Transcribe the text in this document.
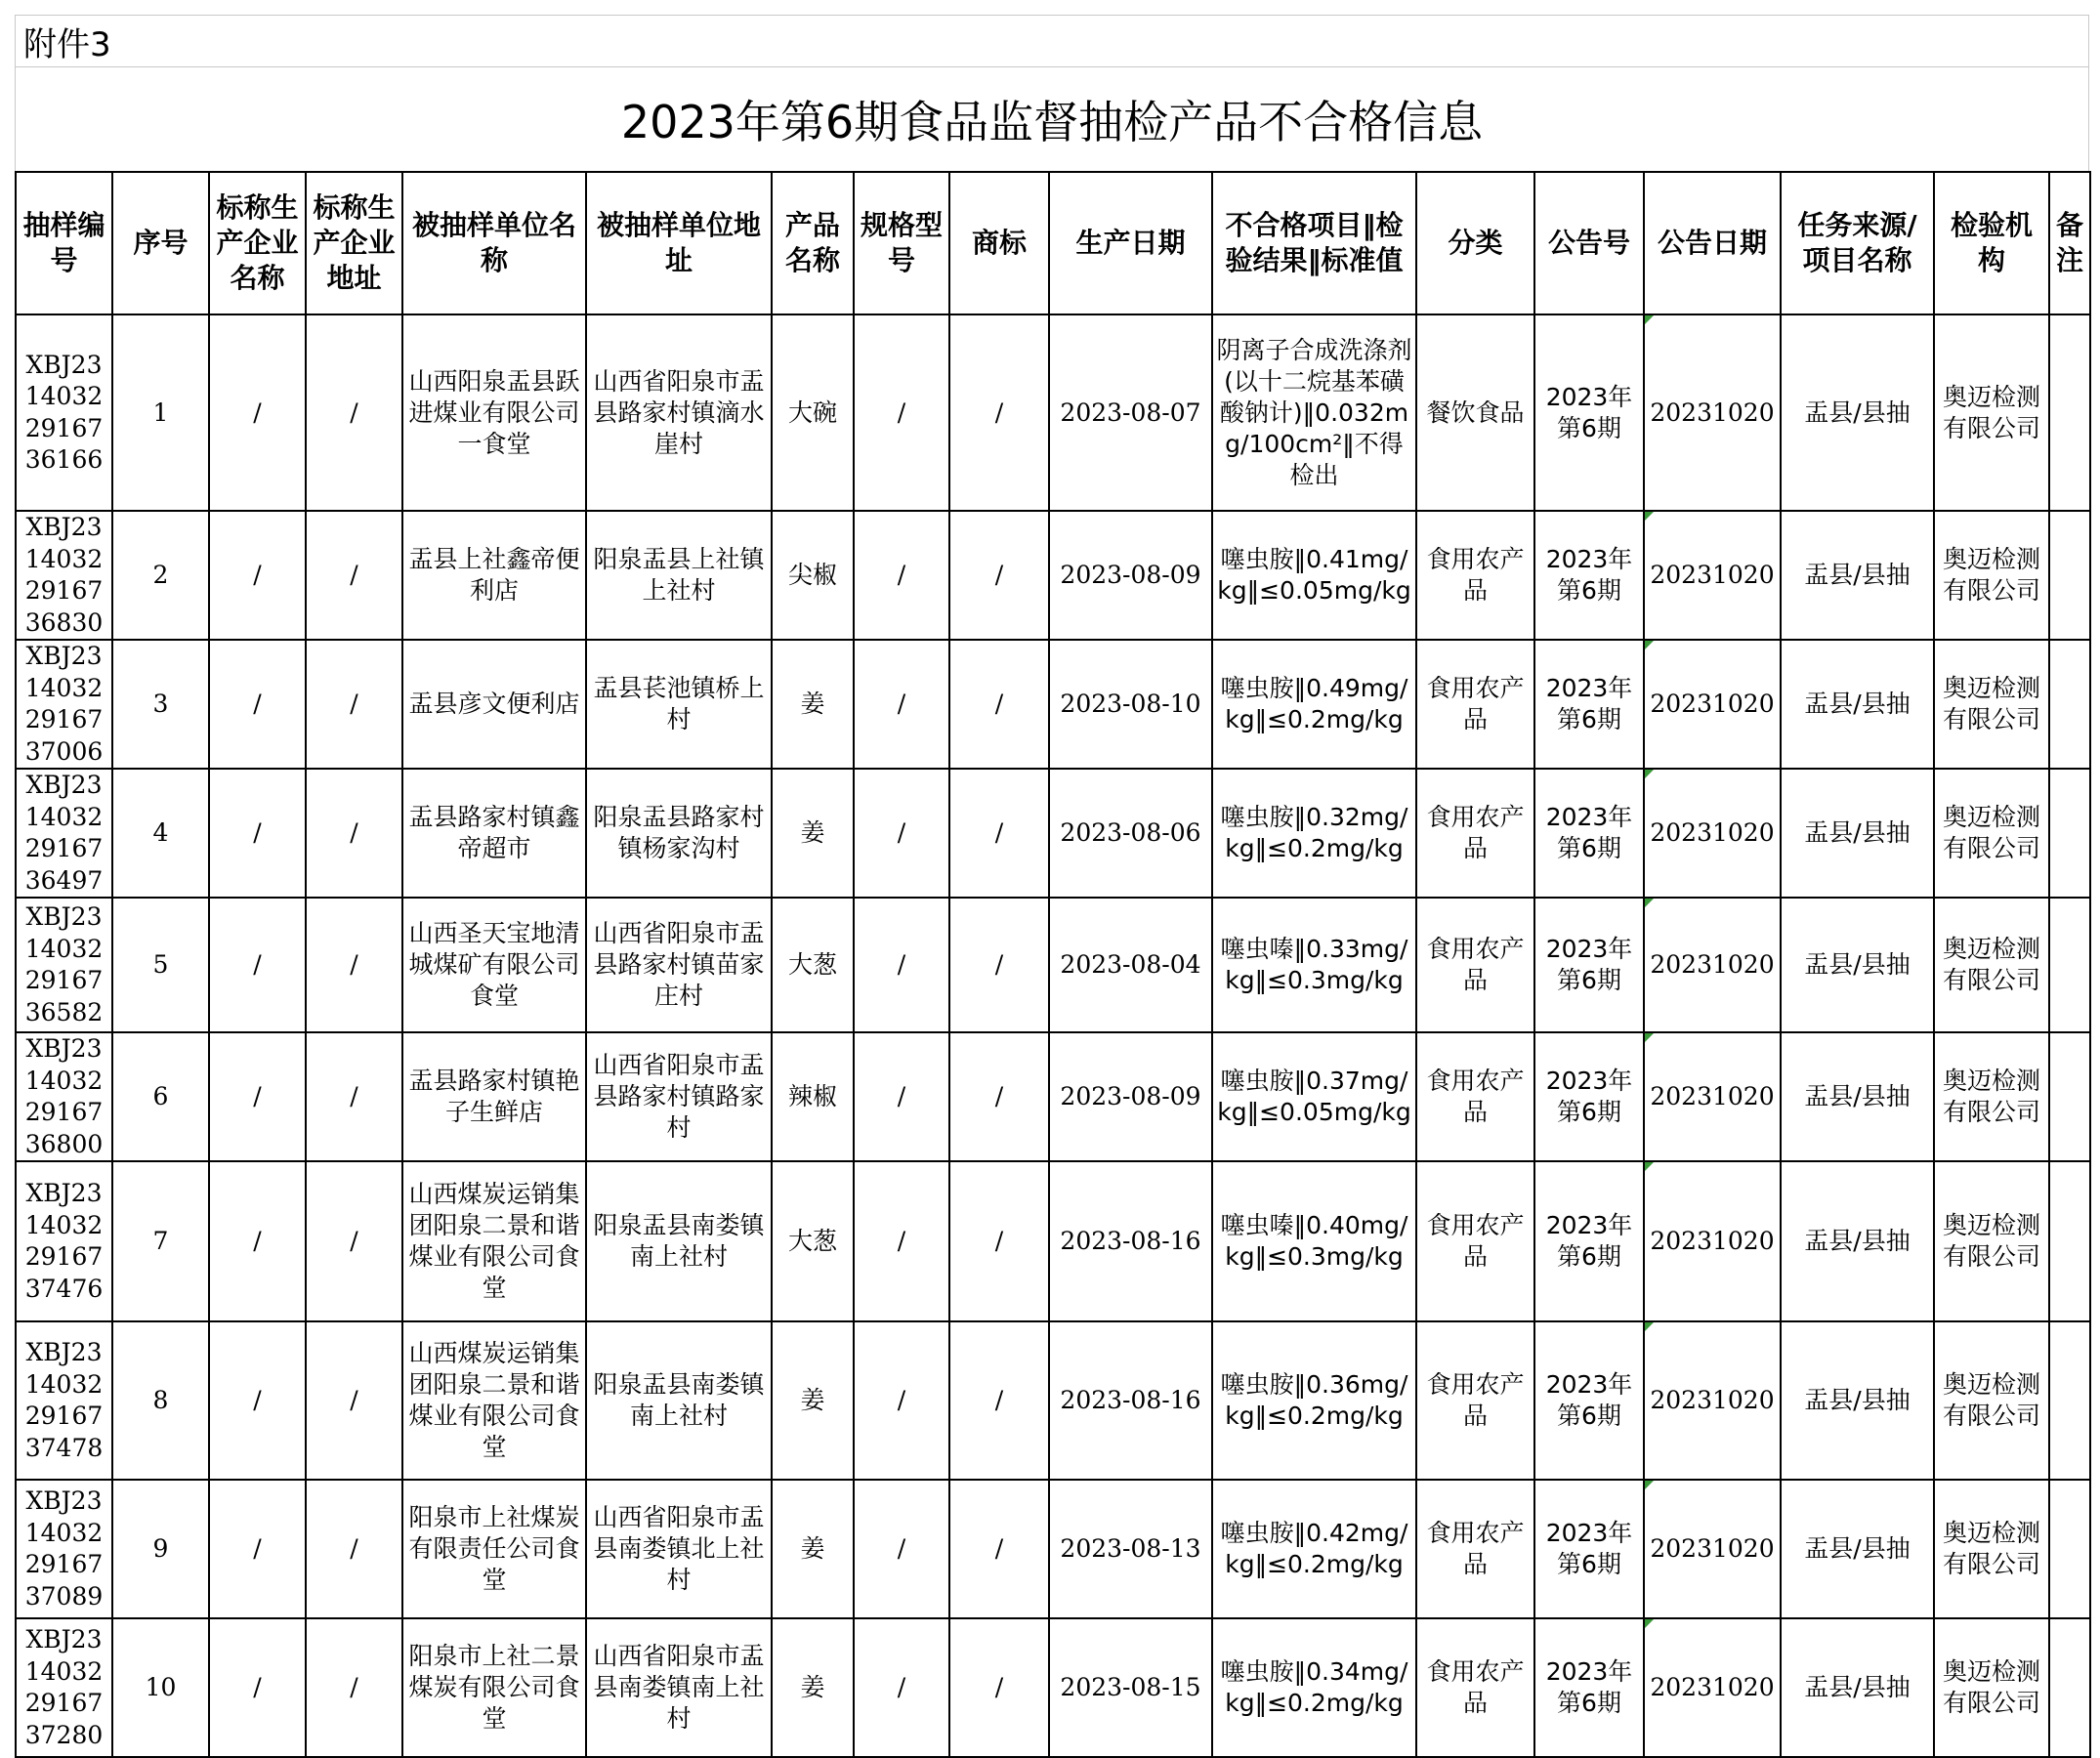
附件3
2023年第6期食品监督抽检产品不合格信息
抽样编号	序号	标称生产企业名称	标称生产企业地址	被抽样单位名称	被抽样单位地址	产品名称	规格型号	商标	生产日期	不合格项目‖检验结果‖标准值	分类	公告号	公告日期	任务来源/项目名称	检验机构	备注
XBJ23140322916736166	1	/	/	山西阳泉盂县跃进煤业有限公司一食堂	山西省阳泉市盂县路家村镇滴水崖村	大碗	/	/	2023-08-07	阴离子合成洗涤剂(以十二烷基苯磺酸钠计)‖0.032mg/100cm²‖不得检出	餐饮食品	2023年第6期	20231020	盂县/县抽	奥迈检测有限公司	
XBJ23140322916736830	2	/	/	盂县上社鑫帝便利店	阳泉盂县上社镇上社村	尖椒	/	/	2023-08-09	噻虫胺‖0.41mg/kg‖≤0.05mg/kg	食用农产品	2023年第6期	20231020	盂县/县抽	奥迈检测有限公司	
XBJ23140322916737006	3	/	/	盂县彦文便利店	盂县苌池镇桥上村	姜	/	/	2023-08-10	噻虫胺‖0.49mg/kg‖≤0.2mg/kg	食用农产品	2023年第6期	20231020	盂县/县抽	奥迈检测有限公司	
XBJ23140322916736497	4	/	/	盂县路家村镇鑫帝超市	阳泉盂县路家村镇杨家沟村	姜	/	/	2023-08-06	噻虫胺‖0.32mg/kg‖≤0.2mg/kg	食用农产品	2023年第6期	20231020	盂县/县抽	奥迈检测有限公司	
XBJ23140322916736582	5	/	/	山西圣天宝地清城煤矿有限公司食堂	山西省阳泉市盂县路家村镇苗家庄村	大葱	/	/	2023-08-04	噻虫嗪‖0.33mg/kg‖≤0.3mg/kg	食用农产品	2023年第6期	20231020	盂县/县抽	奥迈检测有限公司	
XBJ23140322916736800	6	/	/	盂县路家村镇艳子生鲜店	山西省阳泉市盂县路家村镇路家村	辣椒	/	/	2023-08-09	噻虫胺‖0.37mg/kg‖≤0.05mg/kg	食用农产品	2023年第6期	20231020	盂县/县抽	奥迈检测有限公司	
XBJ23140322916737476	7	/	/	山西煤炭运销集团阳泉二景和谐煤业有限公司食堂	阳泉盂县南娄镇南上社村	大葱	/	/	2023-08-16	噻虫嗪‖0.40mg/kg‖≤0.3mg/kg	食用农产品	2023年第6期	20231020	盂县/县抽	奥迈检测有限公司	
XBJ23140322916737478	8	/	/	山西煤炭运销集团阳泉二景和谐煤业有限公司食堂	阳泉盂县南娄镇南上社村	姜	/	/	2023-08-16	噻虫胺‖0.36mg/kg‖≤0.2mg/kg	食用农产品	2023年第6期	20231020	盂县/县抽	奥迈检测有限公司	
XBJ23140322916737089	9	/	/	阳泉市上社煤炭有限责任公司食堂	山西省阳泉市盂县南娄镇北上社村	姜	/	/	2023-08-13	噻虫胺‖0.42mg/kg‖≤0.2mg/kg	食用农产品	2023年第6期	20231020	盂县/县抽	奥迈检测有限公司	
XBJ23140322916737280	10	/	/	阳泉市上社二景煤炭有限公司食堂	山西省阳泉市盂县南娄镇南上社村	姜	/	/	2023-08-15	噻虫胺‖0.34mg/kg‖≤0.2mg/kg	食用农产品	2023年第6期	20231020	盂县/县抽	奥迈检测有限公司	
